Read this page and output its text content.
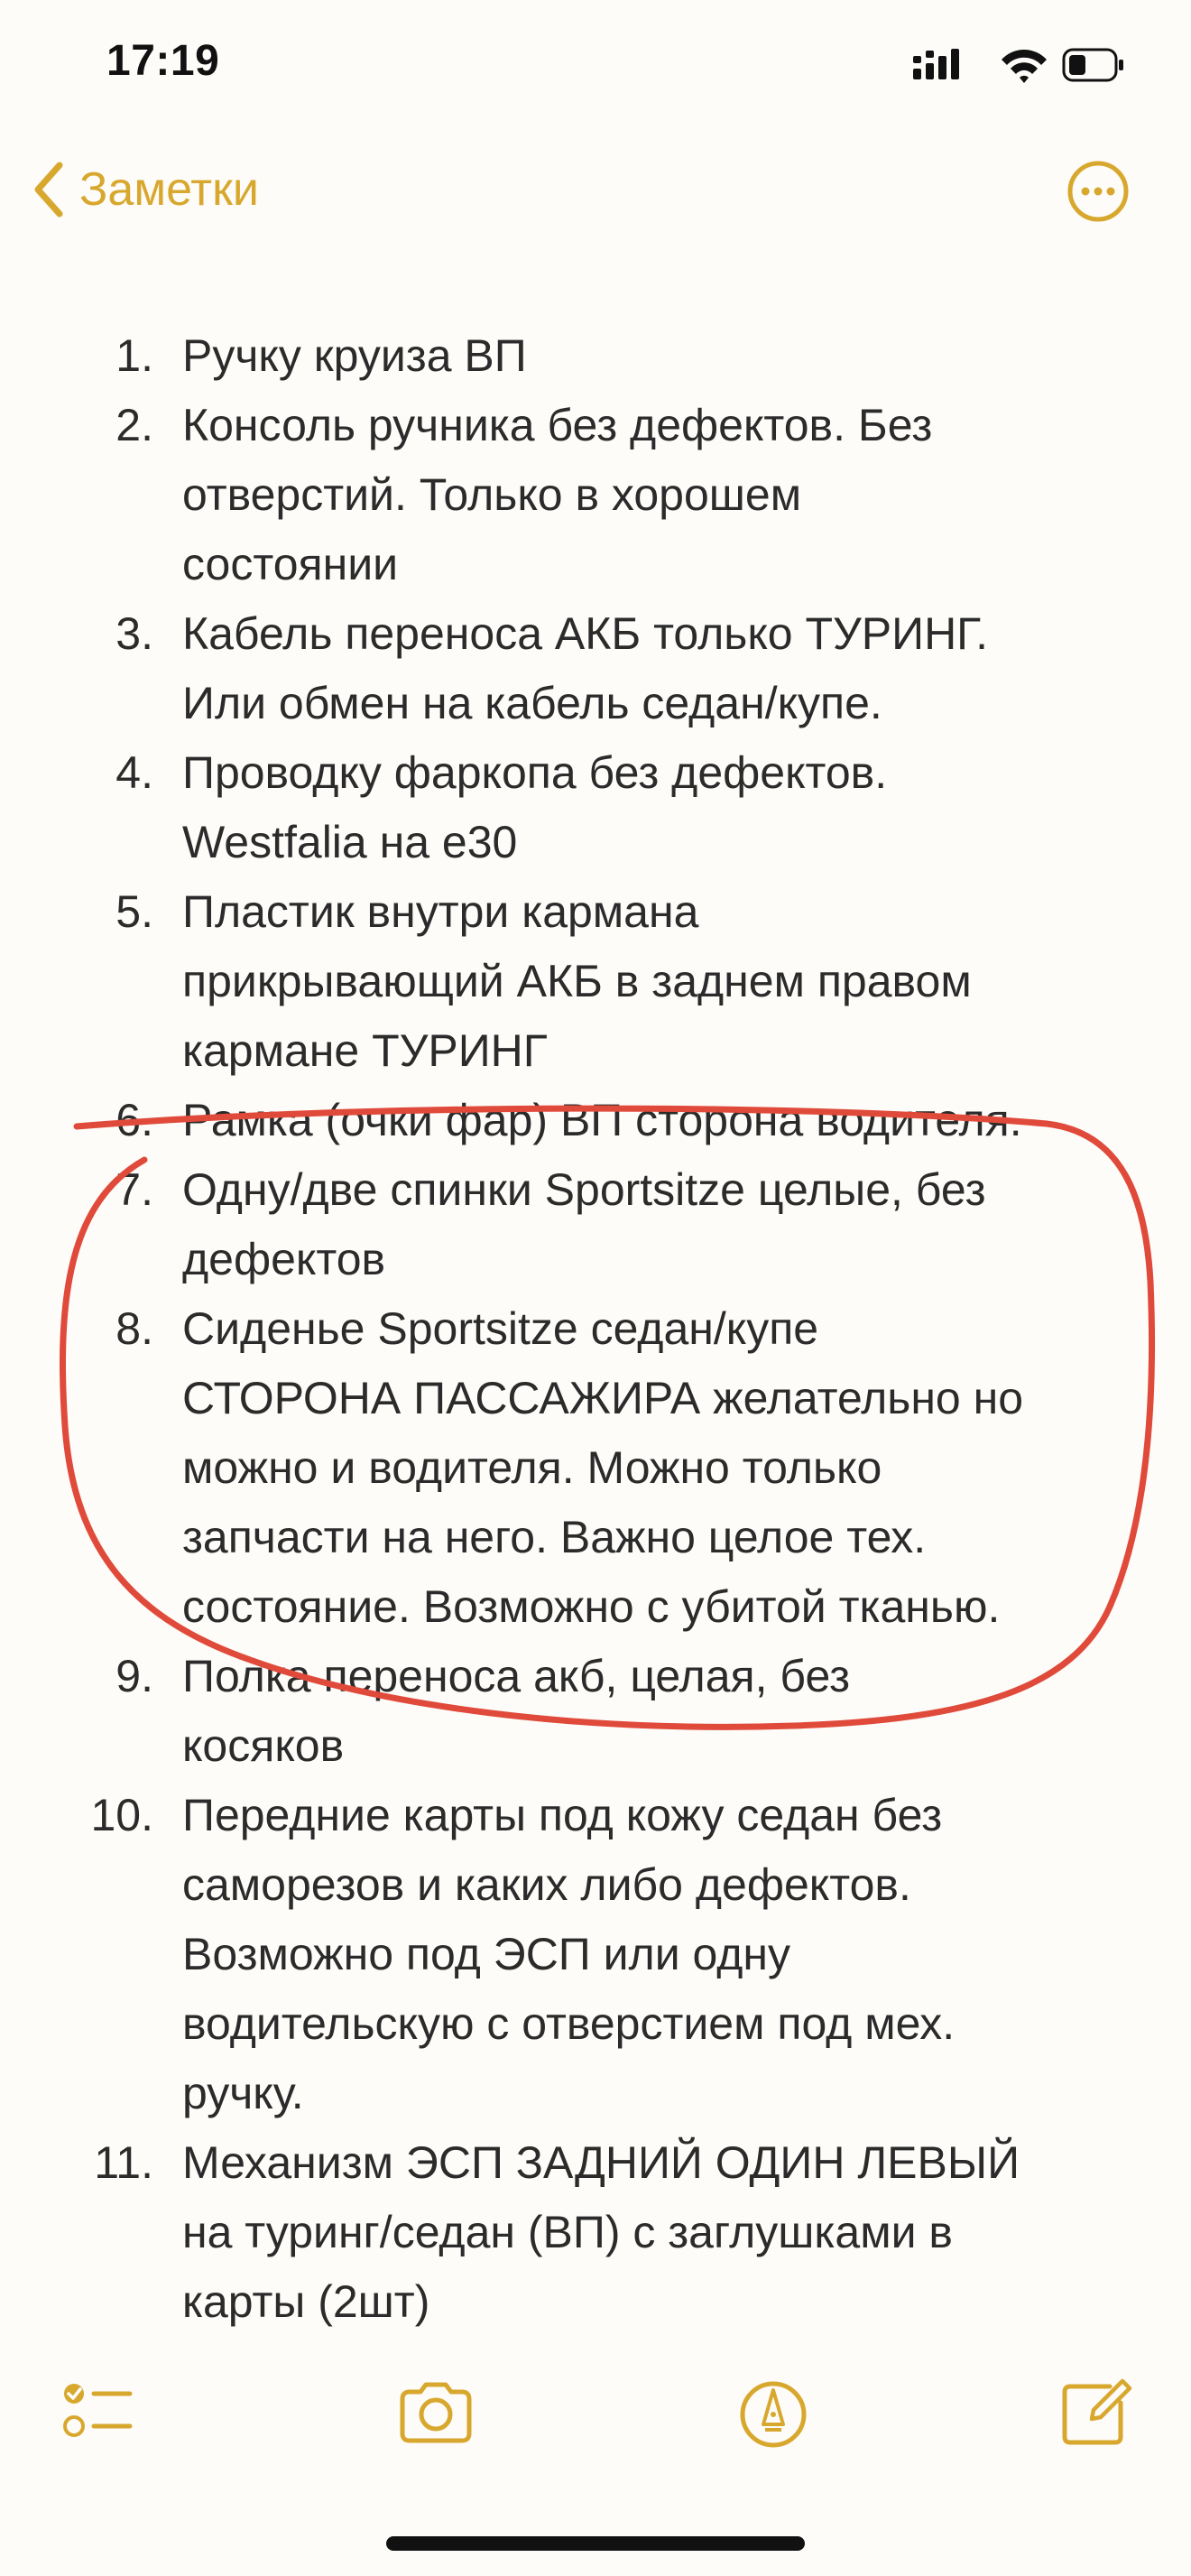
17:19
Заметки
1. Ручку круиза ВП
2. Консоль ручника без дефектов. Без
отверстий. Только в хорошем
состоянии
3. Кабель переноса АКБ только ТУРИНГ.
Или обмен на кабель седан/купе.
4. Проводку фаркопа без дефектов.
Westfalia на e30
5. Пластик внутри кармана
прикрывающий АКБ в заднем правом
кармане ТУРИНГ
6. Рамка (очки фар) ВП сторона водителя.
7. Одну/две спинки Sportsitze целые, без
дефектов
8. Сиденье Sportsitze седан/купе
СТОРОНА ПАССАЖИРА желательно но
можно и водителя. Можно только
запчасти на него. Важно целое тех.
состояние. Возможно с убитой тканью.
9. Полка переноса акб, целая, без
косяков
10. Передние карты под кожу седан без
саморезов и каких либо дефектов.
Возможно под ЭСП или одну
водительскую с отверстием под мех.
ручку.
11. Механизм ЭСП ЗАДНИЙ ОДИН ЛЕВЫЙ
на туринг/седан (ВП) с заглушками в
карты (2шт)
